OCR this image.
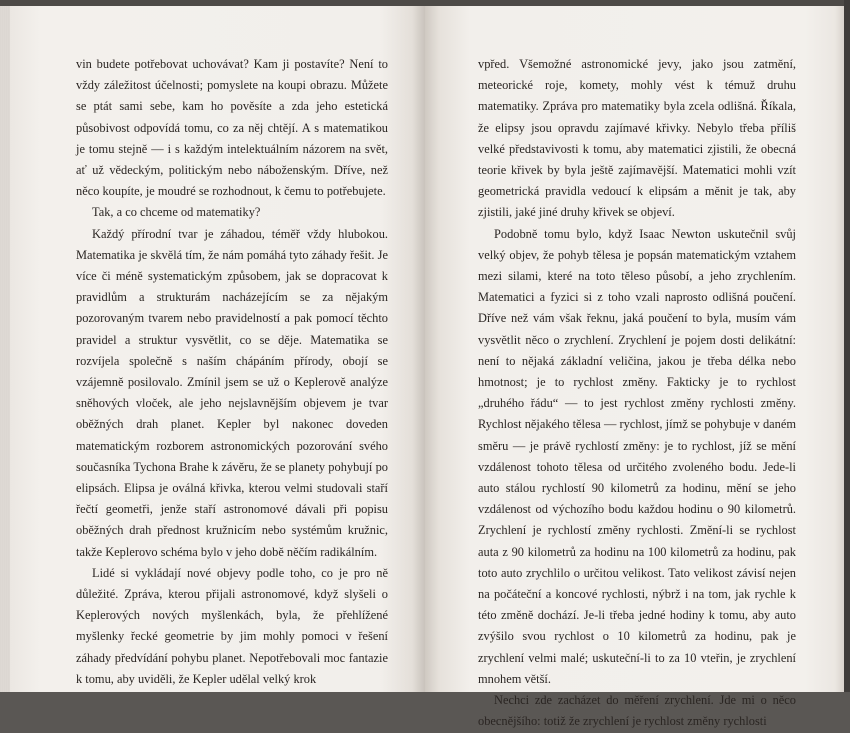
vin budete potřebovat uchovávat? Kam ji postavíte? Není to vždy záležitost účelnosti; pomyslete na koupi obrazu. Můžete se ptát sami sebe, kam ho pověsíte a zda jeho estetická působivost odpovídá tomu, co za něj chtějí. A s matematikou je tomu stejně — i s každým intelektuálním názorem na svět, ať už vědeckým, politickým nebo náboženským. Dříve, než něco koupíte, je moudré se rozhodnout, k čemu to potřebujete.

Tak, a co chceme od matematiky?

Každý přírodní tvar je záhadou, téměř vždy hlubokou. Matematika je skvělá tím, že nám pomáhá tyto záhady řešit. Je více či méně systematickým způsobem, jak se dopracovat k pravidlům a strukturám nacházejícím se za nějakým pozorovaným tvarem nebo pravidelností a pak pomocí těchto pravidel a struktur vysvětlit, co se děje. Matematika se rozvíjela společně s naším chápáním přírody, obojí se vzájemně posilovalo. Zmínil jsem se už o Keplerově analýze sněhových vloček, ale jeho nejslavnějším objevem je tvar oběžných drah planet. Kepler byl nakonec doveden matematickým rozborem astronomických pozorování svého současníka Tychona Brahe k závěru, že se planety pohybují po elipsách. Elipsa je oválná křivka, kterou velmi studovali staří řečtí geometři, jenže staří astronomové dávali při popisu oběžných drah přednost kružnicím nebo systémům kružnic, takže Keplerovo schéma bylo v jeho době něčím radikálním.

Lidé si vykládají nové objevy podle toho, co je pro ně důležité. Zpráva, kterou přijali astronomové, když slyšeli o Keplerových nových myšlenkách, byla, že přehlížené myšlenky řecké geometrie by jim mohly pomoci v řešení záhady předvídání pohybu planet. Nepotřebovali moc fantazie k tomu, aby uviděli, že Kepler udělal velký krok

vpřed. Všemožné astronomické jevy, jako jsou zatmění, meteorické roje, komety, mohly vést k témuž druhu matematiky. Zpráva pro matematiky byla zcela odlišná. Říkala, že elipsy jsou opravdu zajímavé křivky. Nebylo třeba příliš velké představivosti k tomu, aby matematici zjistili, že obecná teorie křivek by byla ještě zajímavější. Matematici mohli vzít geometrická pravidla vedoucí k elipsám a měnit je tak, aby zjistili, jaké jiné druhy křivek se objeví.

Podobně tomu bylo, když Isaac Newton uskutečnil svůj velký objev, že pohyb tělesa je popsán matematickým vztahem mezi silami, které na toto těleso působí, a jeho zrychlením. Matematici a fyzici si z toho vzali naprosto odlišná poučení. Dříve než vám však řeknu, jaká poučení to byla, musím vám vysvětlit něco o zrychlení. Zrychlení je pojem dosti delikátní: není to nějaká základní veličina, jakou je třeba délka nebo hmotnost; je to rychlost změny. Fakticky je to rychlost „druhého řádu“ — to jest rychlost změny rychlosti změny. Rychlost nějakého tělesa — rychlost, jímž se pohybuje v daném směru — je právě rychlostí změny: je to rychlost, jíž se mění vzdálenost tohoto tělesa od určitého zvoleného bodu. Jede-li auto stálou rychlostí 90 kilometrů za hodinu, mění se jeho vzdálenost od výchozího bodu každou hodinu o 90 kilometrů. Zrychlení je rychlostí změny rychlosti. Změní-li se rychlost auta z 90 kilometrů za hodinu na 100 kilometrů za hodinu, pak toto auto zrychlilo o určitou velikost. Tato velikost závisí nejen na počáteční a koncové rychlosti, nýbrž i na tom, jak rychle k této změně dochází. Je-li třeba jedné hodiny k tomu, aby auto zvýšilo svou rychlost o 10 kilometrů za hodinu, pak je zrychlení velmi malé; uskuteční-li to za 10 vteřin, je zrychlení mnohem větší.

Nechci zde zacházet do měření zrychlení. Jde mi o něco obecnějšího: totiž že zrychlení je rychlost změny rychlosti
